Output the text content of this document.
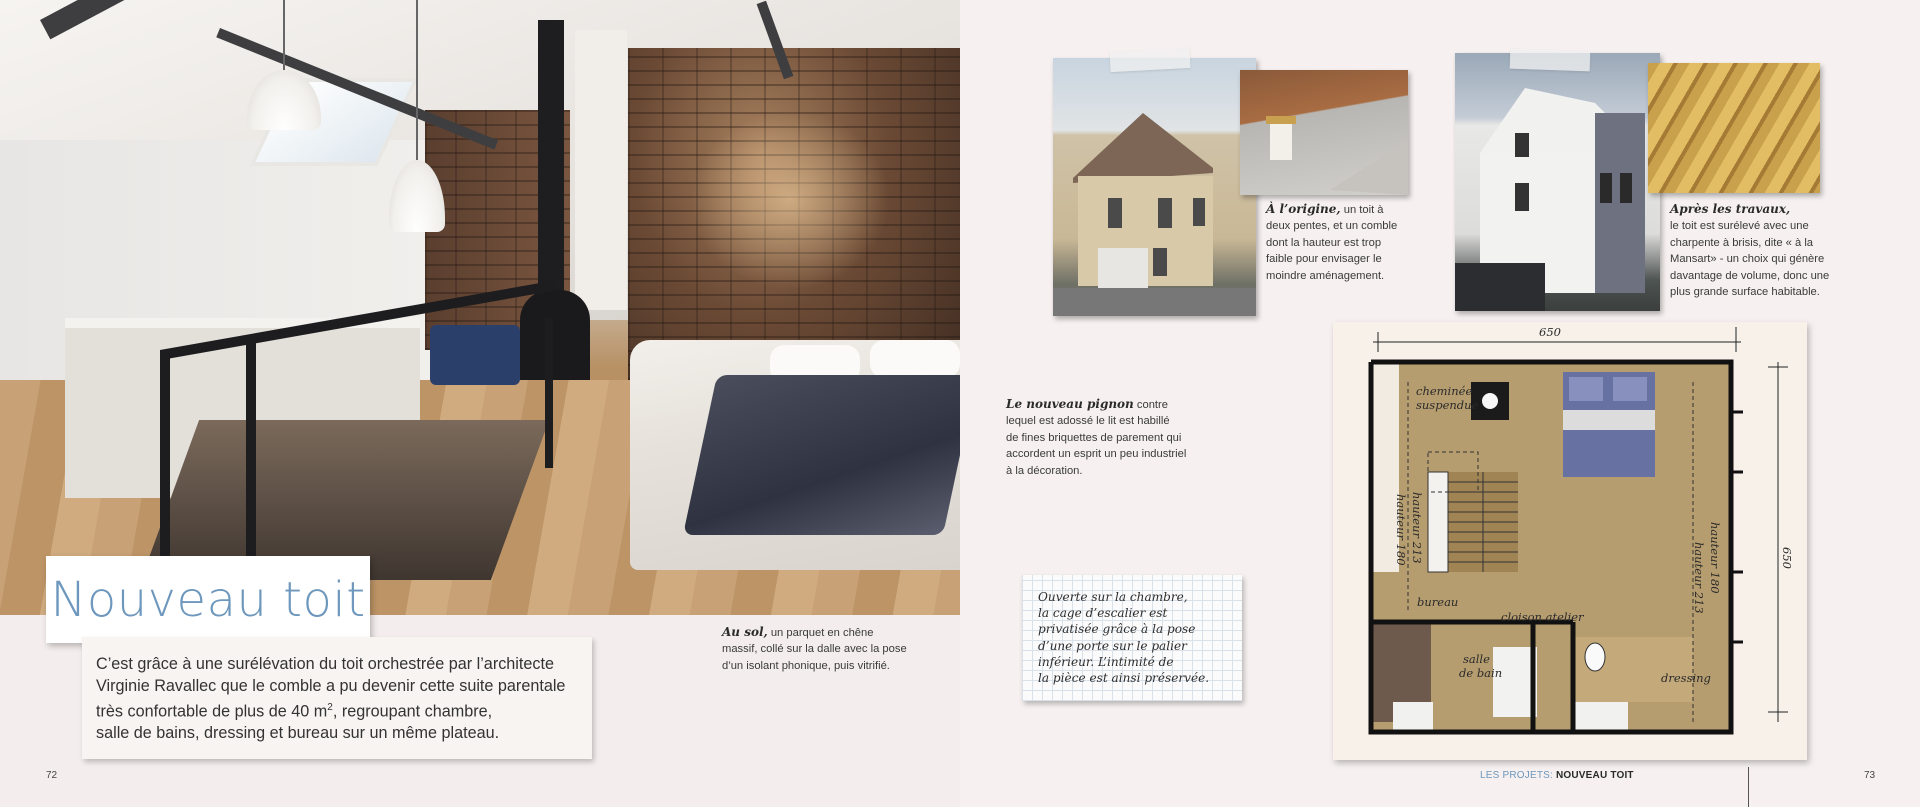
Nouveau toit

C’est grâce à une surélévation du toit orchestrée par l’architecte
Virginie Ravallec que le comble a pu devenir cette suite parentale
très confortable de plus de 40 $m^2$, regroupant chambre,
salle de bains, dressing et bureau sur un même plateau.

Au sol, un parquet en chêne
massif, collé sur la dalle avec la pose
d’un isolant phonique, puis vitrifié.
72
À l’origine, un toit à
deux pentes, et un comble
dont la hauteur est trop
faible pour envisager le
moindre aménagement.
Après les travaux,
le toit est surélevé avec une
charpente à brisis, dite « à la
Mansart» - un choix qui génère
davantage de volume, donc une
plus grande surface habitable.
Le nouveau pignon contre
lequel est adossé le lit est habillé
de fines briquettes de parement qui
accordent un esprit un peu industriel
à la décoration.

Ouverte sur la chambre,
la cage d’escalier est
privatisée grâce à la pose
d’une porte sur le palier
inférieur. L’intimité de
la pièce est ainsi préservée.

650
650
cheminée
suspendue
hauteur 213
hauteur 180	hauteur 180
hauteur 213
bureau
cloison atelier
salle
de bain	dressing
LES PROJETS: NOUVEAU TOIT	73
